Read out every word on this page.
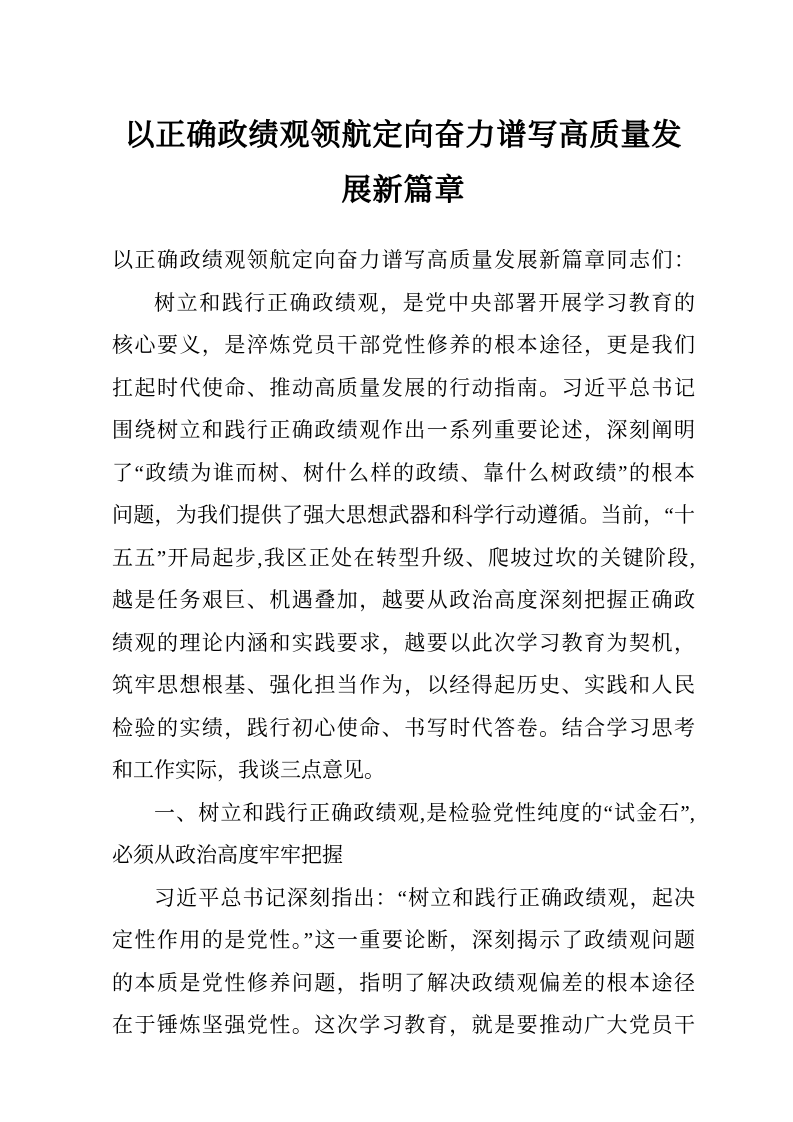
以正确政绩观领航定向奋力谱写高质量发
展新篇章

以正确政绩观领航定向奋力谱写高质量发展新篇章同志们：

树立和践行正确政绩观，是党中央部署开展学习教育的
核心要义，是淬炼党员干部党性修养的根本途径，更是我们
扛起时代使命、推动高质量发展的行动指南。习近平总书记
围绕树立和践行正确政绩观作出一系列重要论述，深刻阐明
了“政绩为谁而树、树什么样的政绩、靠什么树政绩”的根本
问题，为我们提供了强大思想武器和科学行动遵循。当前，“十
五五”开局起步,我区正处在转型升级、爬坡过坎的关键阶段,
越是任务艰巨、机遇叠加，越要从政治高度深刻把握正确政
绩观的理论内涵和实践要求，越要以此次学习教育为契机，
筑牢思想根基、强化担当作为，以经得起历史、实践和人民
检验的实绩，践行初心使命、书写时代答卷。结合学习思考
和工作实际，我谈三点意见。

一、树立和践行正确政绩观,是检验党性纯度的“试金石”,
必须从政治高度牢牢把握

习近平总书记深刻指出：“树立和践行正确政绩观，起决
定性作用的是党性。”这一重要论断，深刻揭示了政绩观问题
的本质是党性修养问题，指明了解决政绩观偏差的根本途径
在于锤炼坚强党性。这次学习教育，就是要推动广大党员干
